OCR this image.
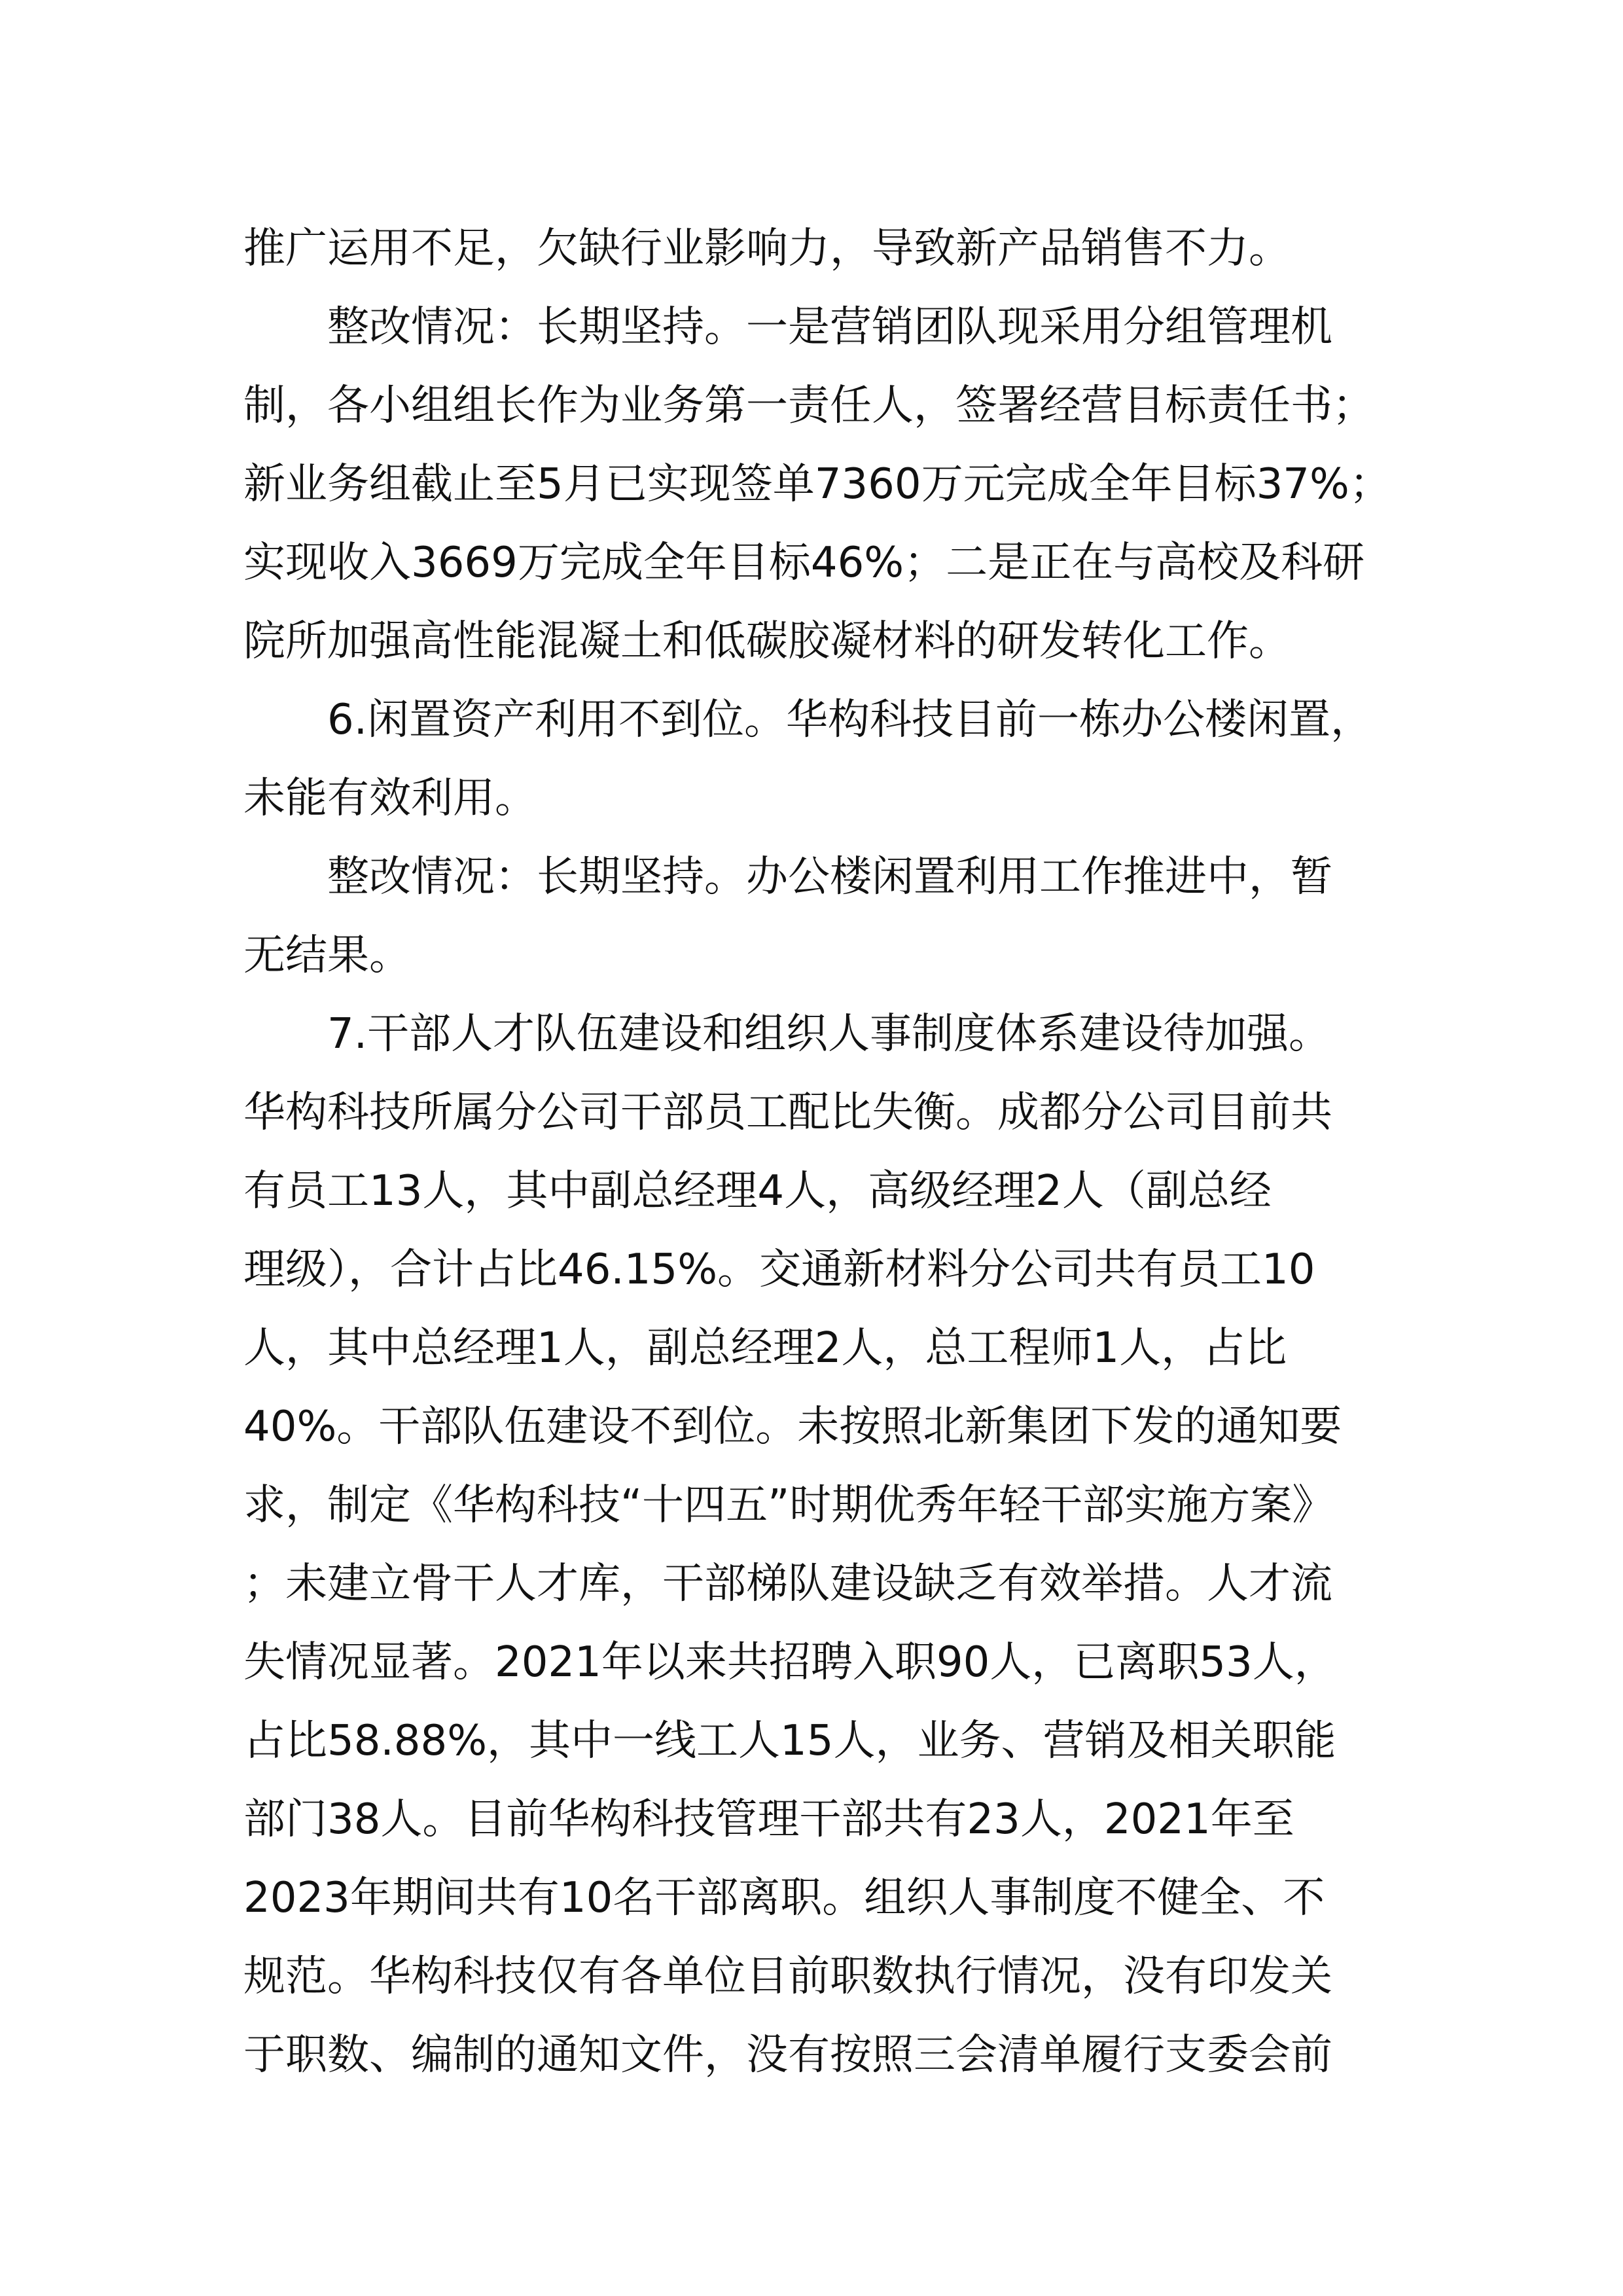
推广运用不足，欠缺行业影响力，导致新产品销售不力。
整改情况：长期坚持。一是营销团队现采用分组管理机
制，各小组组长作为业务第一责任人，签署经营目标责任书；
新业务组截止至5月已实现签单7360万元完成全年目标37%；
实现收入3669万完成全年目标46%；二是正在与高校及科研
院所加强高性能混凝土和低碳胶凝材料的研发转化工作。
6.闲置资产利用不到位。华构科技目前一栋办公楼闲置，
未能有效利用。
整改情况：长期坚持。办公楼闲置利用工作推进中，暂
无结果。
7.干部人才队伍建设和组织人事制度体系建设待加强。
华构科技所属分公司干部员工配比失衡。成都分公司目前共
有员工13人，其中副总经理4人，高级经理2人（副总经
理级），合计占比46.15%。交通新材料分公司共有员工10
人，其中总经理1人，副总经理2人，总工程师1人，占比
40%。干部队伍建设不到位。未按照北新集团下发的通知要
求，制定《华构科技“十四五”时期优秀年轻干部实施方案》
；未建立骨干人才库，干部梯队建设缺乏有效举措。人才流
失情况显著。2021年以来共招聘入职90人，已离职53人，
占比58.88%，其中一线工人15人，业务、营销及相关职能
部门38人。目前华构科技管理干部共有23人，2021年至
2023年期间共有10名干部离职。组织人事制度不健全、不
规范。华构科技仅有各单位目前职数执行情况，没有印发关
于职数、编制的通知文件，没有按照三会清单履行支委会前
